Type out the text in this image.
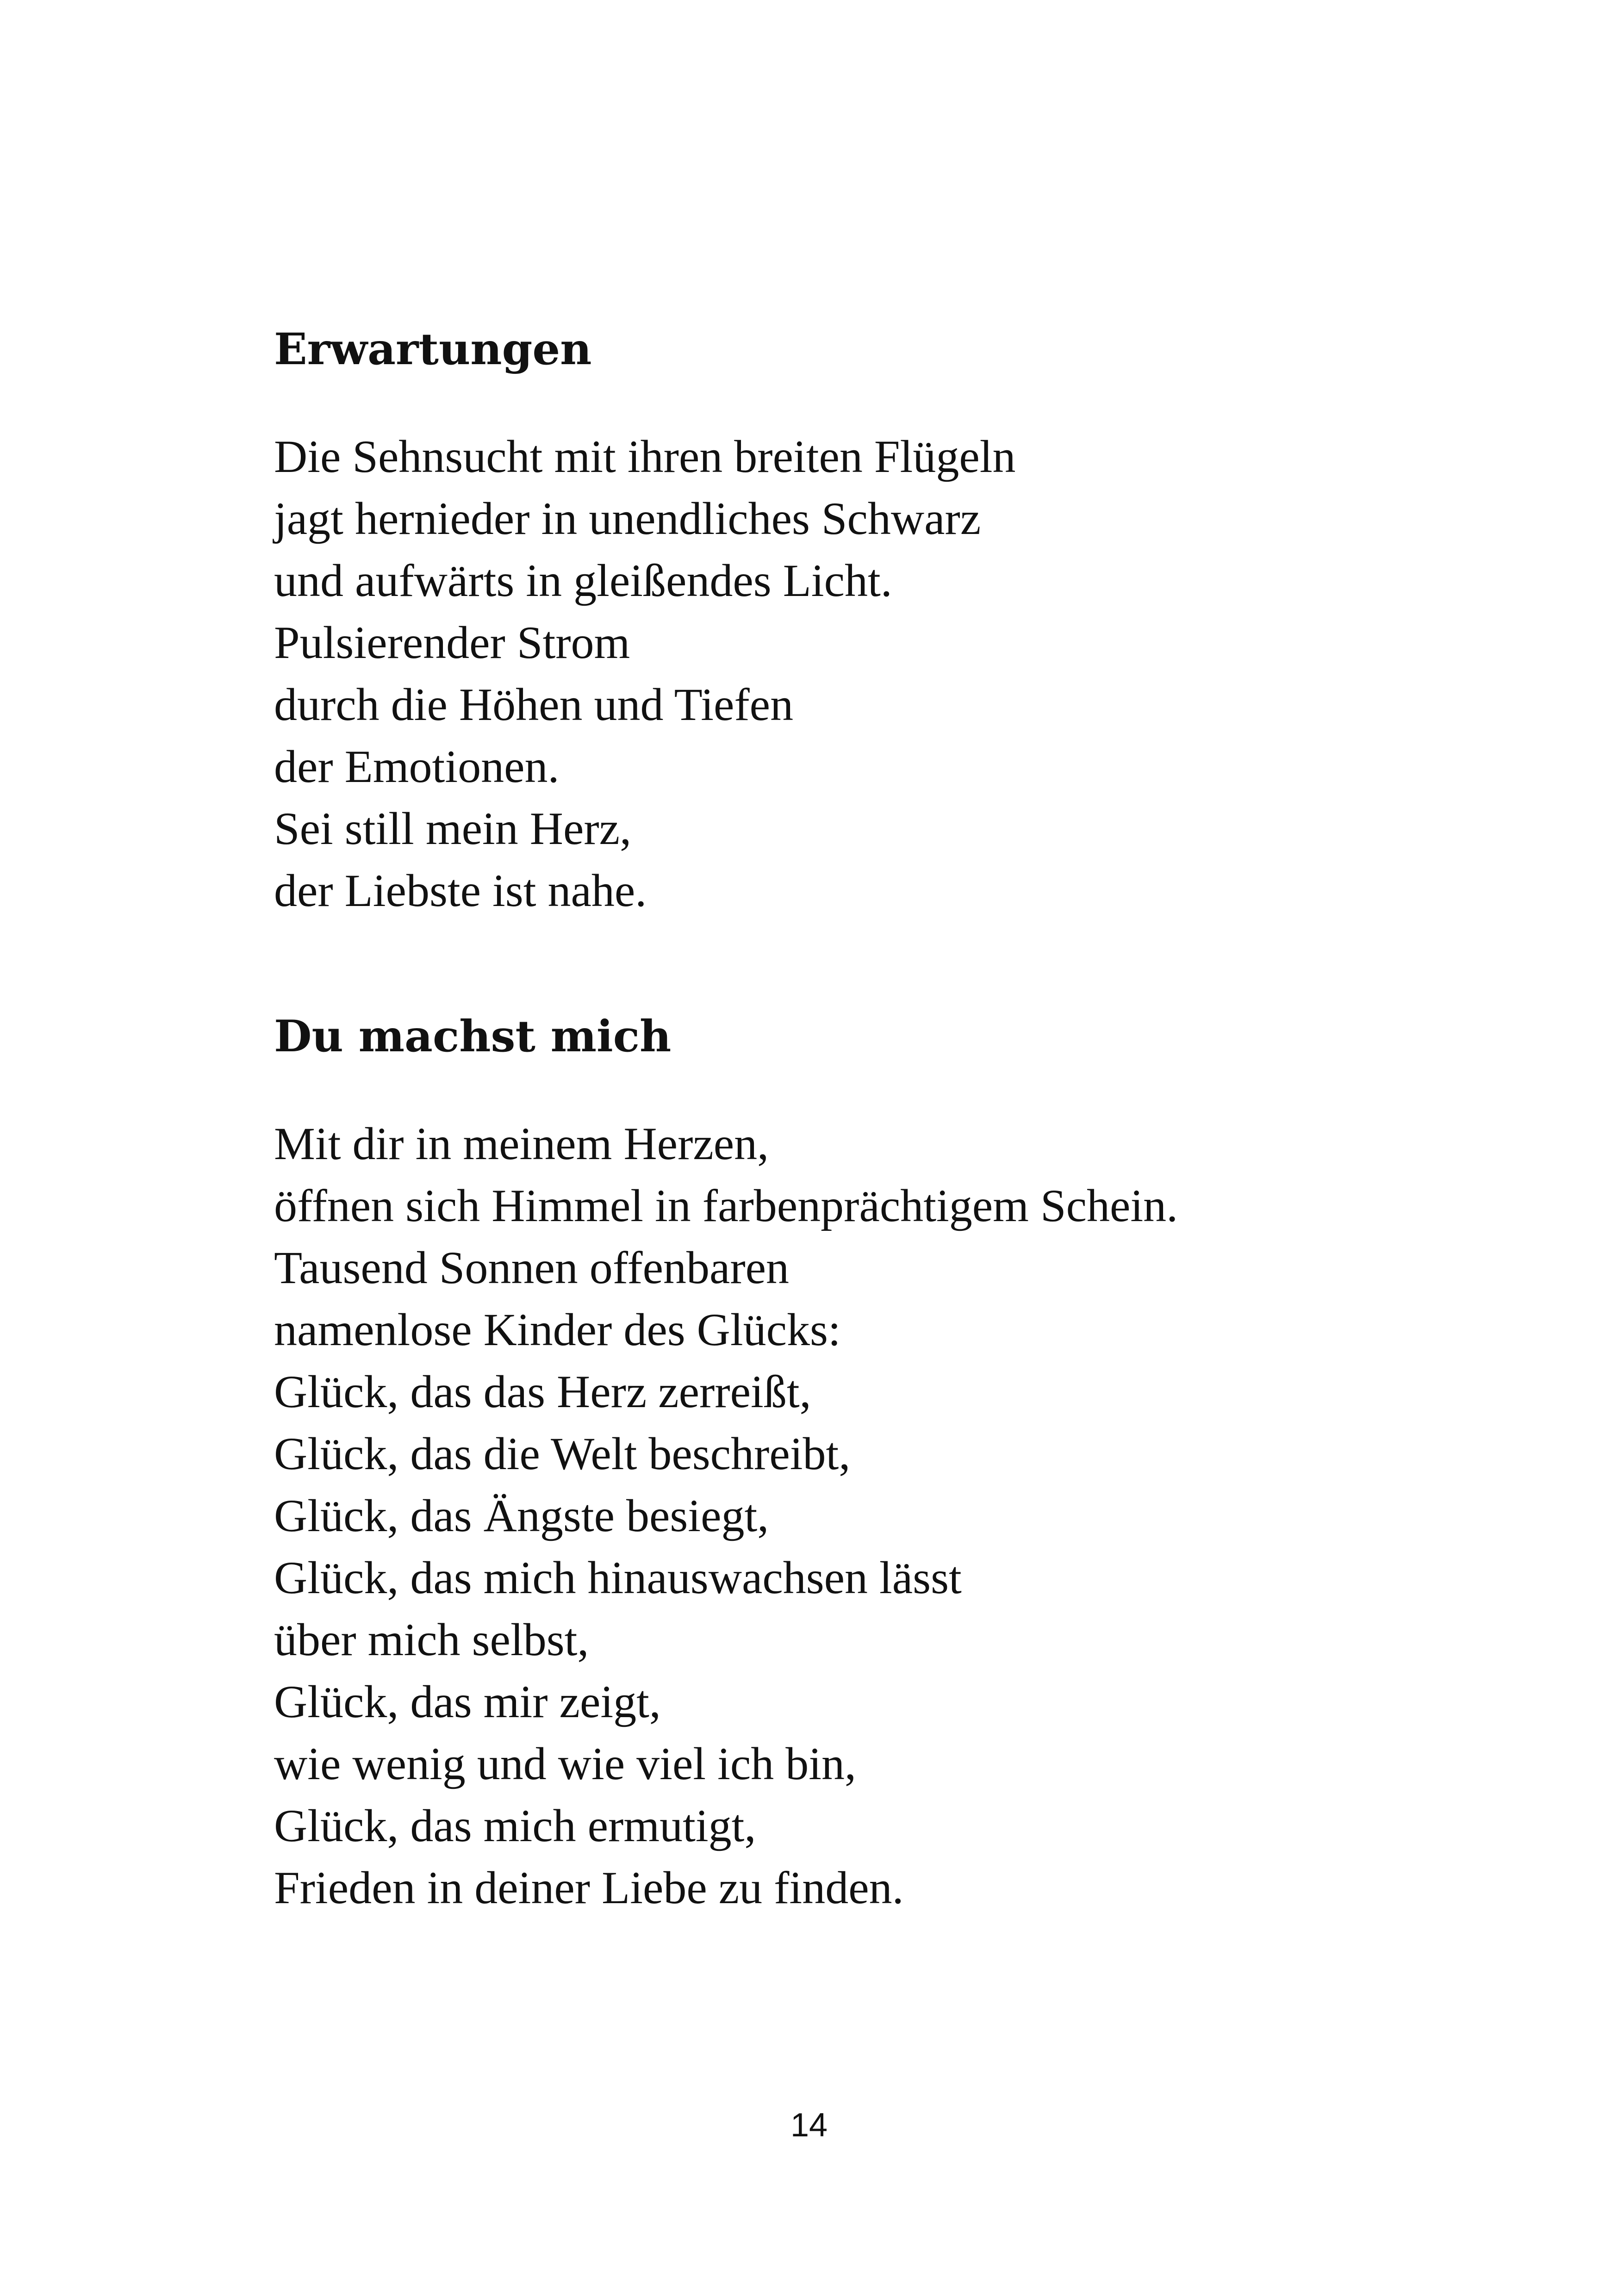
Erwartungen
Die Sehnsucht mit ihren breiten Flügeln
jagt hernieder in unendliches Schwarz
und aufwärts in gleißendes Licht.
Pulsierender Strom
durch die Höhen und Tiefen
der Emotionen.
Sei still mein Herz,
der Liebste ist nahe.
Du machst mich
Mit dir in meinem Herzen,
öffnen sich Himmel in farbenprächtigem Schein.
Tausend Sonnen offenbaren
namenlose Kinder des Glücks:
Glück, das das Herz zerreißt,
Glück, das die Welt beschreibt,
Glück, das Ängste besiegt,
Glück, das mich hinauswachsen lässt
über mich selbst,
Glück, das mir zeigt,
wie wenig und wie viel ich bin,
Glück, das mich ermutigt,
Frieden in deiner Liebe zu finden.
14
